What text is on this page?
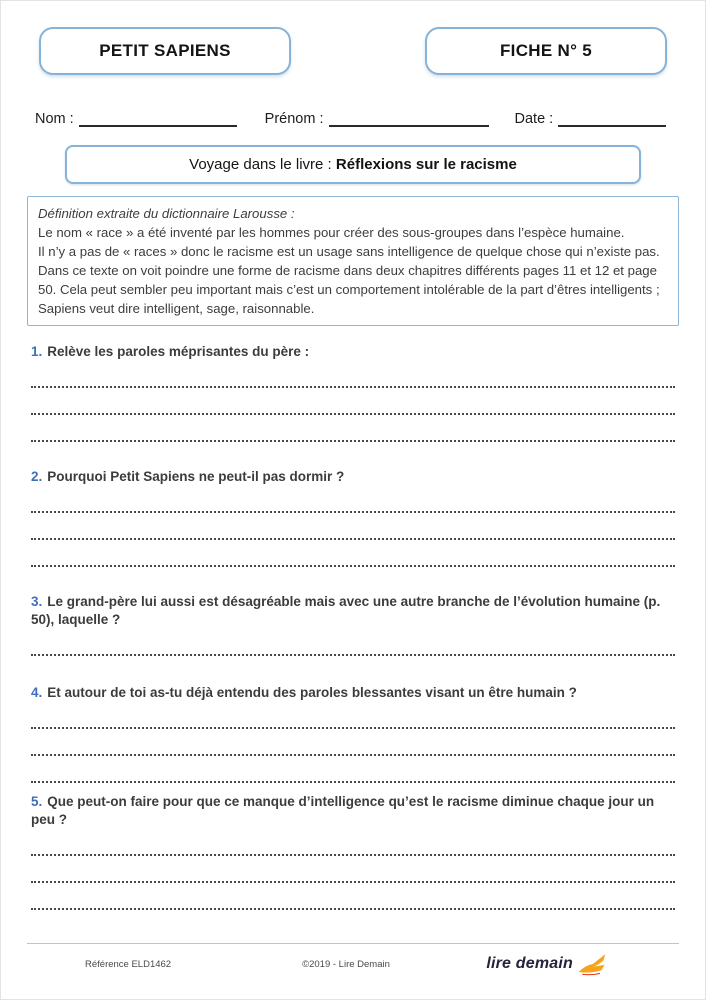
PETIT SAPIENS	FICHE N° 5
Nom :	Prénom :	Date :
Voyage dans le livre : Réflexions sur le racisme

Définition extraite du dictionnaire Larousse :

Le nom « race » a été inventé par les hommes pour créer des sous-groupes dans l’espèce humaine.

Il n’y a pas de « races » donc le racisme est un usage sans intelligence de quelque chose qui n’existe pas.

Dans ce texte on voit poindre une forme de racisme dans deux chapitres différents pages 11 et 12 et page 50. Cela peut sembler peu important mais c’est un comportement intolérable de la part d’êtres intelligents ; Sapiens veut dire intelligent, sage, raisonnable.

1. Relève les paroles méprisantes du père :

2. Pourquoi Petit Sapiens ne peut-il pas dormir ?

3. Le grand-père lui aussi est désagréable mais avec une autre branche de l’évolution humaine (p. 50), laquelle ?

4. Et autour de toi as-tu déjà entendu des paroles blessantes visant un être humain ?

5. Que peut-on faire pour que ce manque d’intelligence qu’est le racisme diminue chaque jour un peu ?

Référence ELD1462	©2019 - Lire Demain	lire demain
